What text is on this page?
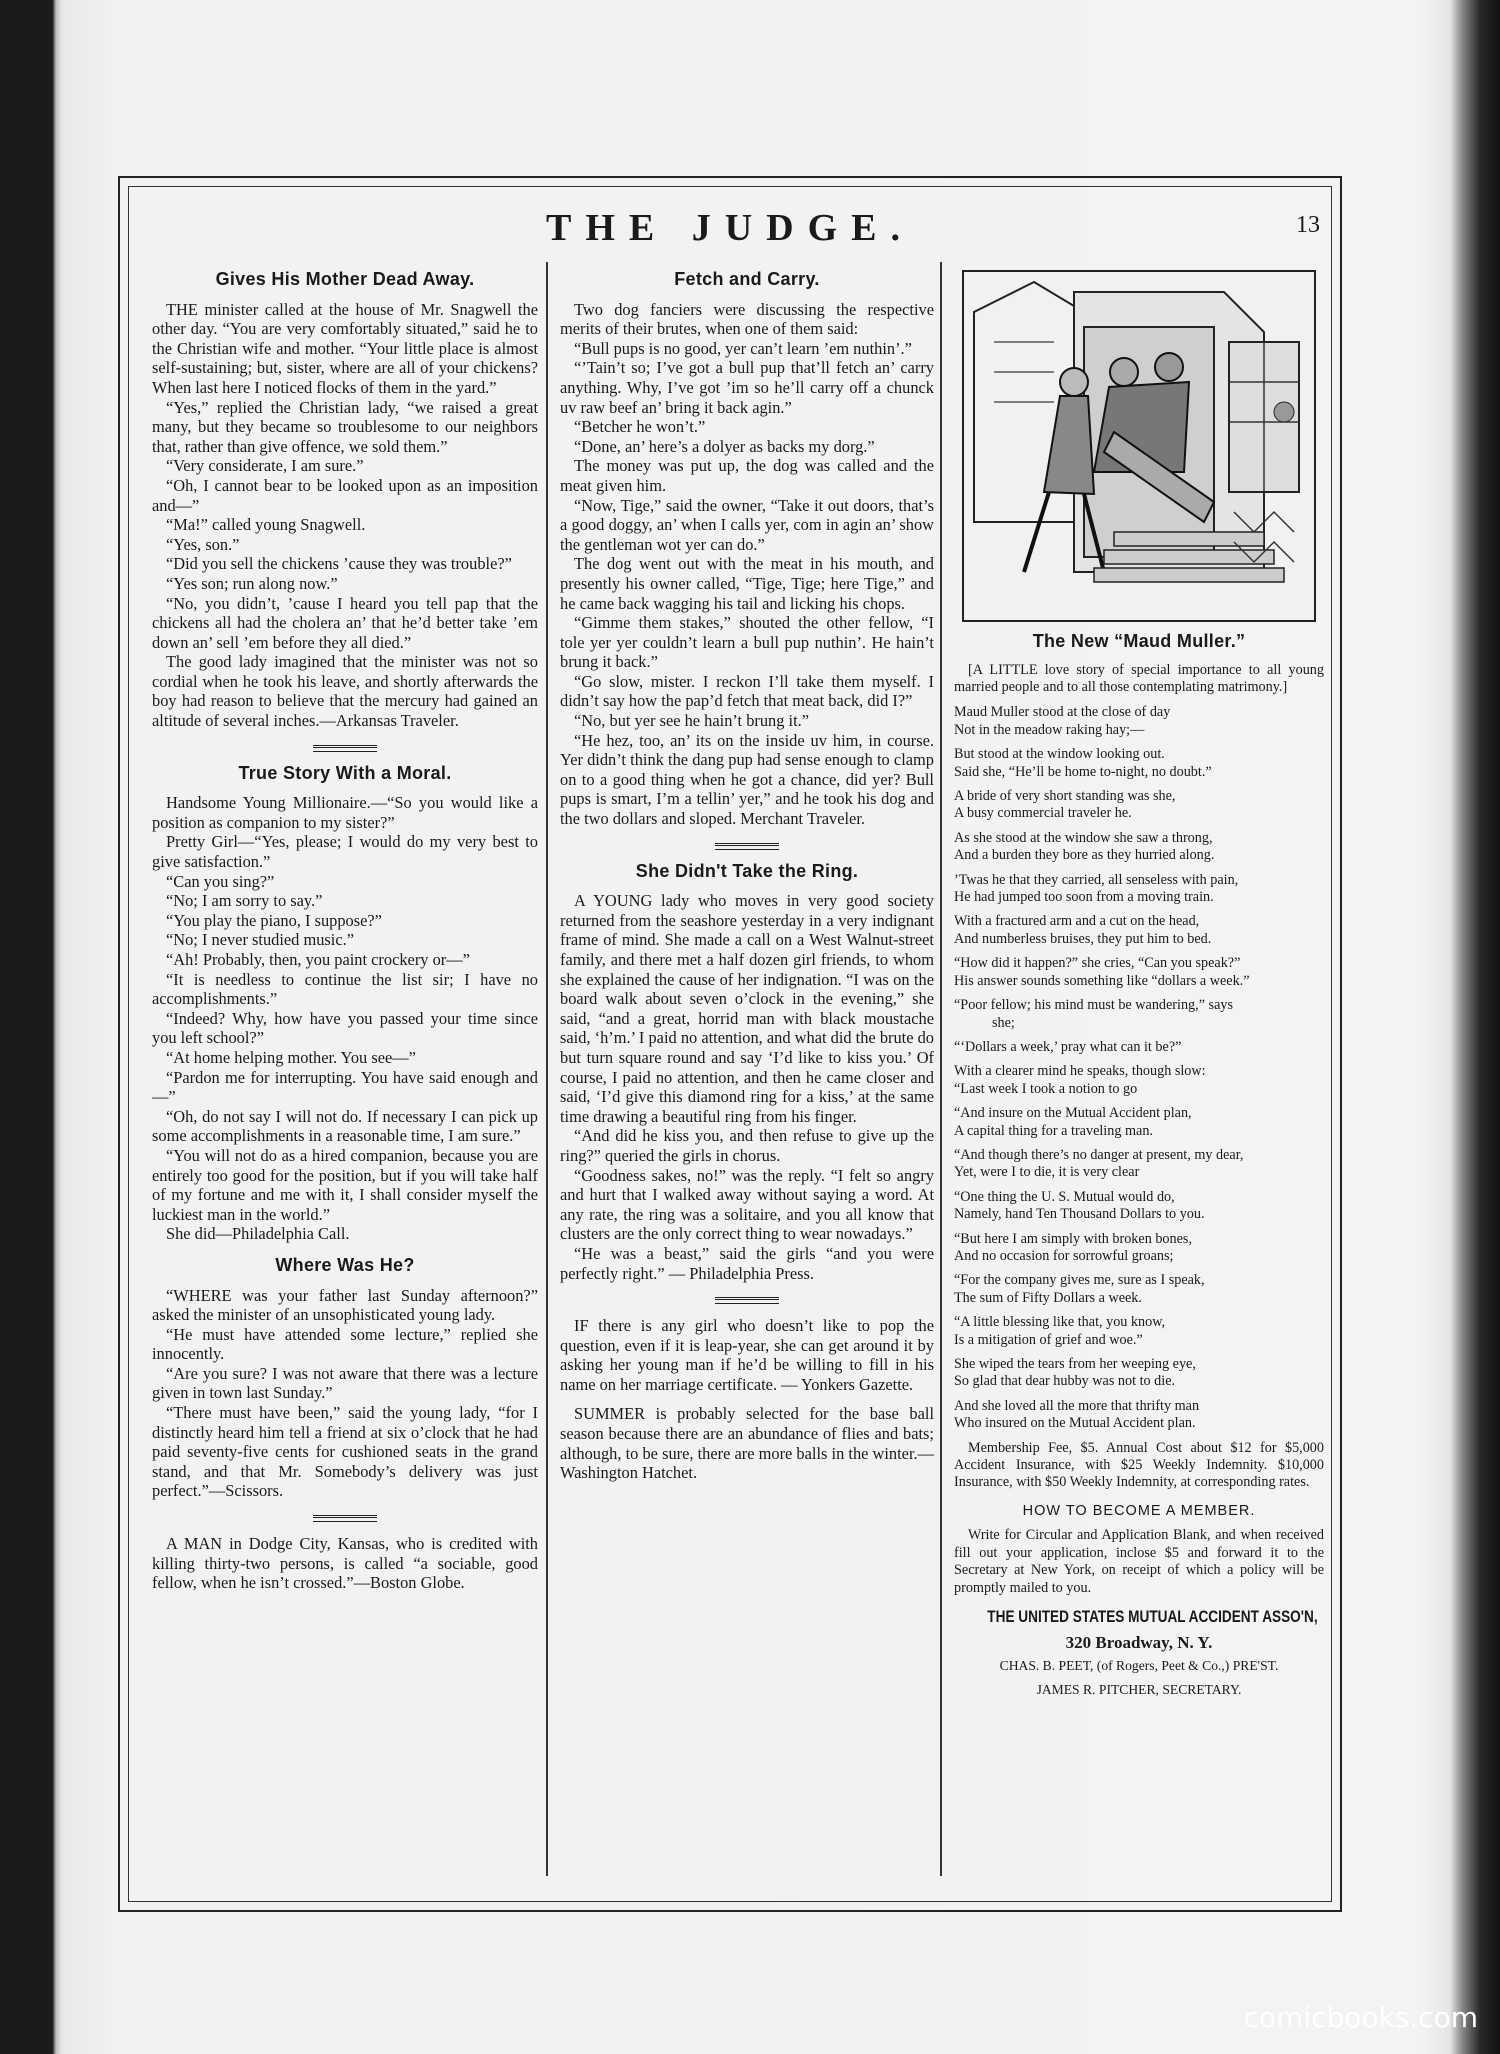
THE JUDGE.	13
Gives His Mother Dead Away.

THE minister called at the house of Mr. Snagwell the other day. “You are very comfortably situated,” said he to the Christian wife and mother. “Your little place is almost self-sustaining; but, sister, where are all of your chickens? When last here I noticed flocks of them in the yard.”

“Yes,” replied the Christian lady, “we raised a great many, but they became so troublesome to our neighbors that, rather than give offence, we sold them.”

“Very considerate, I am sure.”

“Oh, I cannot bear to be looked upon as an imposition and—”

“Ma!” called young Snagwell.

“Yes, son.”

“Did you sell the chickens ’cause they was trouble?”

“Yes son; run along now.”

“No, you didn’t, ’cause I heard you tell pap that the chickens all had the cholera an’ that he’d better take ’em down an’ sell ’em before they all died.”

The good lady imagined that the minister was not so cordial when he took his leave, and shortly afterwards the boy had reason to believe that the mercury had gained an altitude of several inches.—Arkansas Traveler.

True Story With a Moral.

Handsome Young Millionaire.—“So you would like a position as companion to my sister?”

Pretty Girl—“Yes, please; I would do my very best to give satisfaction.”

“Can you sing?”

“No; I am sorry to say.”

“You play the piano, I suppose?”

“No; I never studied music.”

“Ah! Probably, then, you paint crockery or—”

“It is needless to continue the list sir; I have no accomplishments.”

“Indeed? Why, how have you passed your time since you left school?”

“At home helping mother. You see—”

“Pardon me for interrupting. You have said enough and—”

“Oh, do not say I will not do. If necessary I can pick up some accomplishments in a reasonable time, I am sure.”

“You will not do as a hired companion, because you are entirely too good for the position, but if you will take half of my fortune and me with it, I shall consider myself the luckiest man in the world.”

She did—Philadelphia Call.

Where Was He?

“WHERE was your father last Sunday afternoon?” asked the minister of an unsophisticated young lady.

“He must have attended some lecture,” replied she innocently.

“Are you sure? I was not aware that there was a lecture given in town last Sunday.”

“There must have been,” said the young lady, “for I distinctly heard him tell a friend at six o’clock that he had paid seventy-five cents for cushioned seats in the grand stand, and that Mr. Somebody’s delivery was just perfect.”—Scissors.

A MAN in Dodge City, Kansas, who is credited with killing thirty-two persons, is called “a sociable, good fellow, when he isn’t crossed.”—Boston Globe.

Fetch and Carry.

Two dog fanciers were discussing the respective merits of their brutes, when one of them said:

“Bull pups is no good, yer can’t learn ’em nuthin’.”

“’Tain’t so; I’ve got a bull pup that’ll fetch an’ carry anything. Why, I’ve got ’im so he’ll carry off a chunck uv raw beef an’ bring it back agin.”

“Betcher he won’t.”

“Done, an’ here’s a dolyer as backs my dorg.”

The money was put up, the dog was called and the meat given him.

“Now, Tige,” said the owner, “Take it out doors, that’s a good doggy, an’ when I calls yer, com in agin an’ show the gentleman wot yer can do.”

The dog went out with the meat in his mouth, and presently his owner called, “Tige, Tige; here Tige,” and he came back wagging his tail and licking his chops.

“Gimme them stakes,” shouted the other fellow, “I tole yer yer couldn’t learn a bull pup nuthin’. He hain’t brung it back.”

“Go slow, mister. I reckon I’ll take them myself. I didn’t say how the pap’d fetch that meat back, did I?”

“No, but yer see he hain’t brung it.”

“He hez, too, an’ its on the inside uv him, in course. Yer didn’t think the dang pup had sense enough to clamp on to a good thing when he got a chance, did yer? Bull pups is smart, I’m a tellin’ yer,” and he took his dog and the two dollars and sloped. Merchant Traveler.

She Didn't Take the Ring.

A YOUNG lady who moves in very good society returned from the seashore yesterday in a very indignant frame of mind. She made a call on a West Walnut-street family, and there met a half dozen girl friends, to whom she explained the cause of her indignation. “I was on the board walk about seven o’clock in the evening,” she said, “and a great, horrid man with black moustache said, ‘h’m.’ I paid no attention, and what did the brute do but turn square round and say ‘I’d like to kiss you.’ Of course, I paid no attention, and then he came closer and said, ‘I’d give this diamond ring for a kiss,’ at the same time drawing a beautiful ring from his finger.

“And did he kiss you, and then refuse to give up the ring?” queried the girls in chorus.

“Goodness sakes, no!” was the reply. “I felt so angry and hurt that I walked away without saying a word. At any rate, the ring was a solitaire, and you all know that clusters are the only correct thing to wear nowadays.”

“He was a beast,” said the girls “and you were perfectly right.” — Philadelphia Press.

IF there is any girl who doesn’t like to pop the question, even if it is leap-year, she can get around it by asking her young man if he’d be willing to fill in his name on her marriage certificate. — Yonkers Gazette.

SUMMER is probably selected for the base ball season because there are an abundance of flies and bats; although, to be sure, there are more balls in the winter.—Washington Hatchet.

The New “Maud Muller.”

[A LITTLE love story of special importance to all young married people and to all those contemplating matrimony.]

Maud Muller stood at the close of day
Not in the meadow raking hay;—

But stood at the window looking out.
Said she, “He’ll be home to-night, no doubt.”

A bride of very short standing was she,
A busy commercial traveler he.

As she stood at the window she saw a throng,
And a burden they bore as they hurried along.

’Twas he that they carried, all senseless with pain,
He had jumped too soon from a moving train.

With a fractured arm and a cut on the head,
And numberless bruises, they put him to bed.

“How did it happen?” she cries, “Can you speak?”
His answer sounds something like “dollars a week.”

“Poor fellow; his mind must be wandering,” says

she;

“‘Dollars a week,’ pray what can it be?”

With a clearer mind he speaks, though slow:
“Last week I took a notion to go

“And insure on the Mutual Accident plan,
A capital thing for a traveling man.

“And though there’s no danger at present, my dear,
Yet, were I to die, it is very clear

“One thing the U. S. Mutual would do,
Namely, hand Ten Thousand Dollars to you.

“But here I am simply with broken bones,
And no occasion for sorrowful groans;

“For the company gives me, sure as I speak,
The sum of Fifty Dollars a week.

“A little blessing like that, you know,
Is a mitigation of grief and woe.”

She wiped the tears from her weeping eye,
So glad that dear hubby was not to die.

And she loved all the more that thrifty man
Who insured on the Mutual Accident plan.

Membership Fee, $5. Annual Cost about $12 for $5,000 Accident Insurance, with $25 Weekly Indemnity. $10,000 Insurance, with $50 Weekly Indemnity, at corresponding rates.

HOW TO BECOME A MEMBER.

Write for Circular and Application Blank, and when received fill out your application, inclose $5 and forward it to the Secretary at New York, on receipt of which a policy will be promptly mailed to you.

THE UNITED STATES MUTUAL ACCIDENT ASSO'N,
320 Broadway, N. Y.
CHAS. B. PEET, (of Rogers, Peet & Co.,) PRE'ST.
JAMES R. PITCHER, SECRETARY.
comicbooks.com
